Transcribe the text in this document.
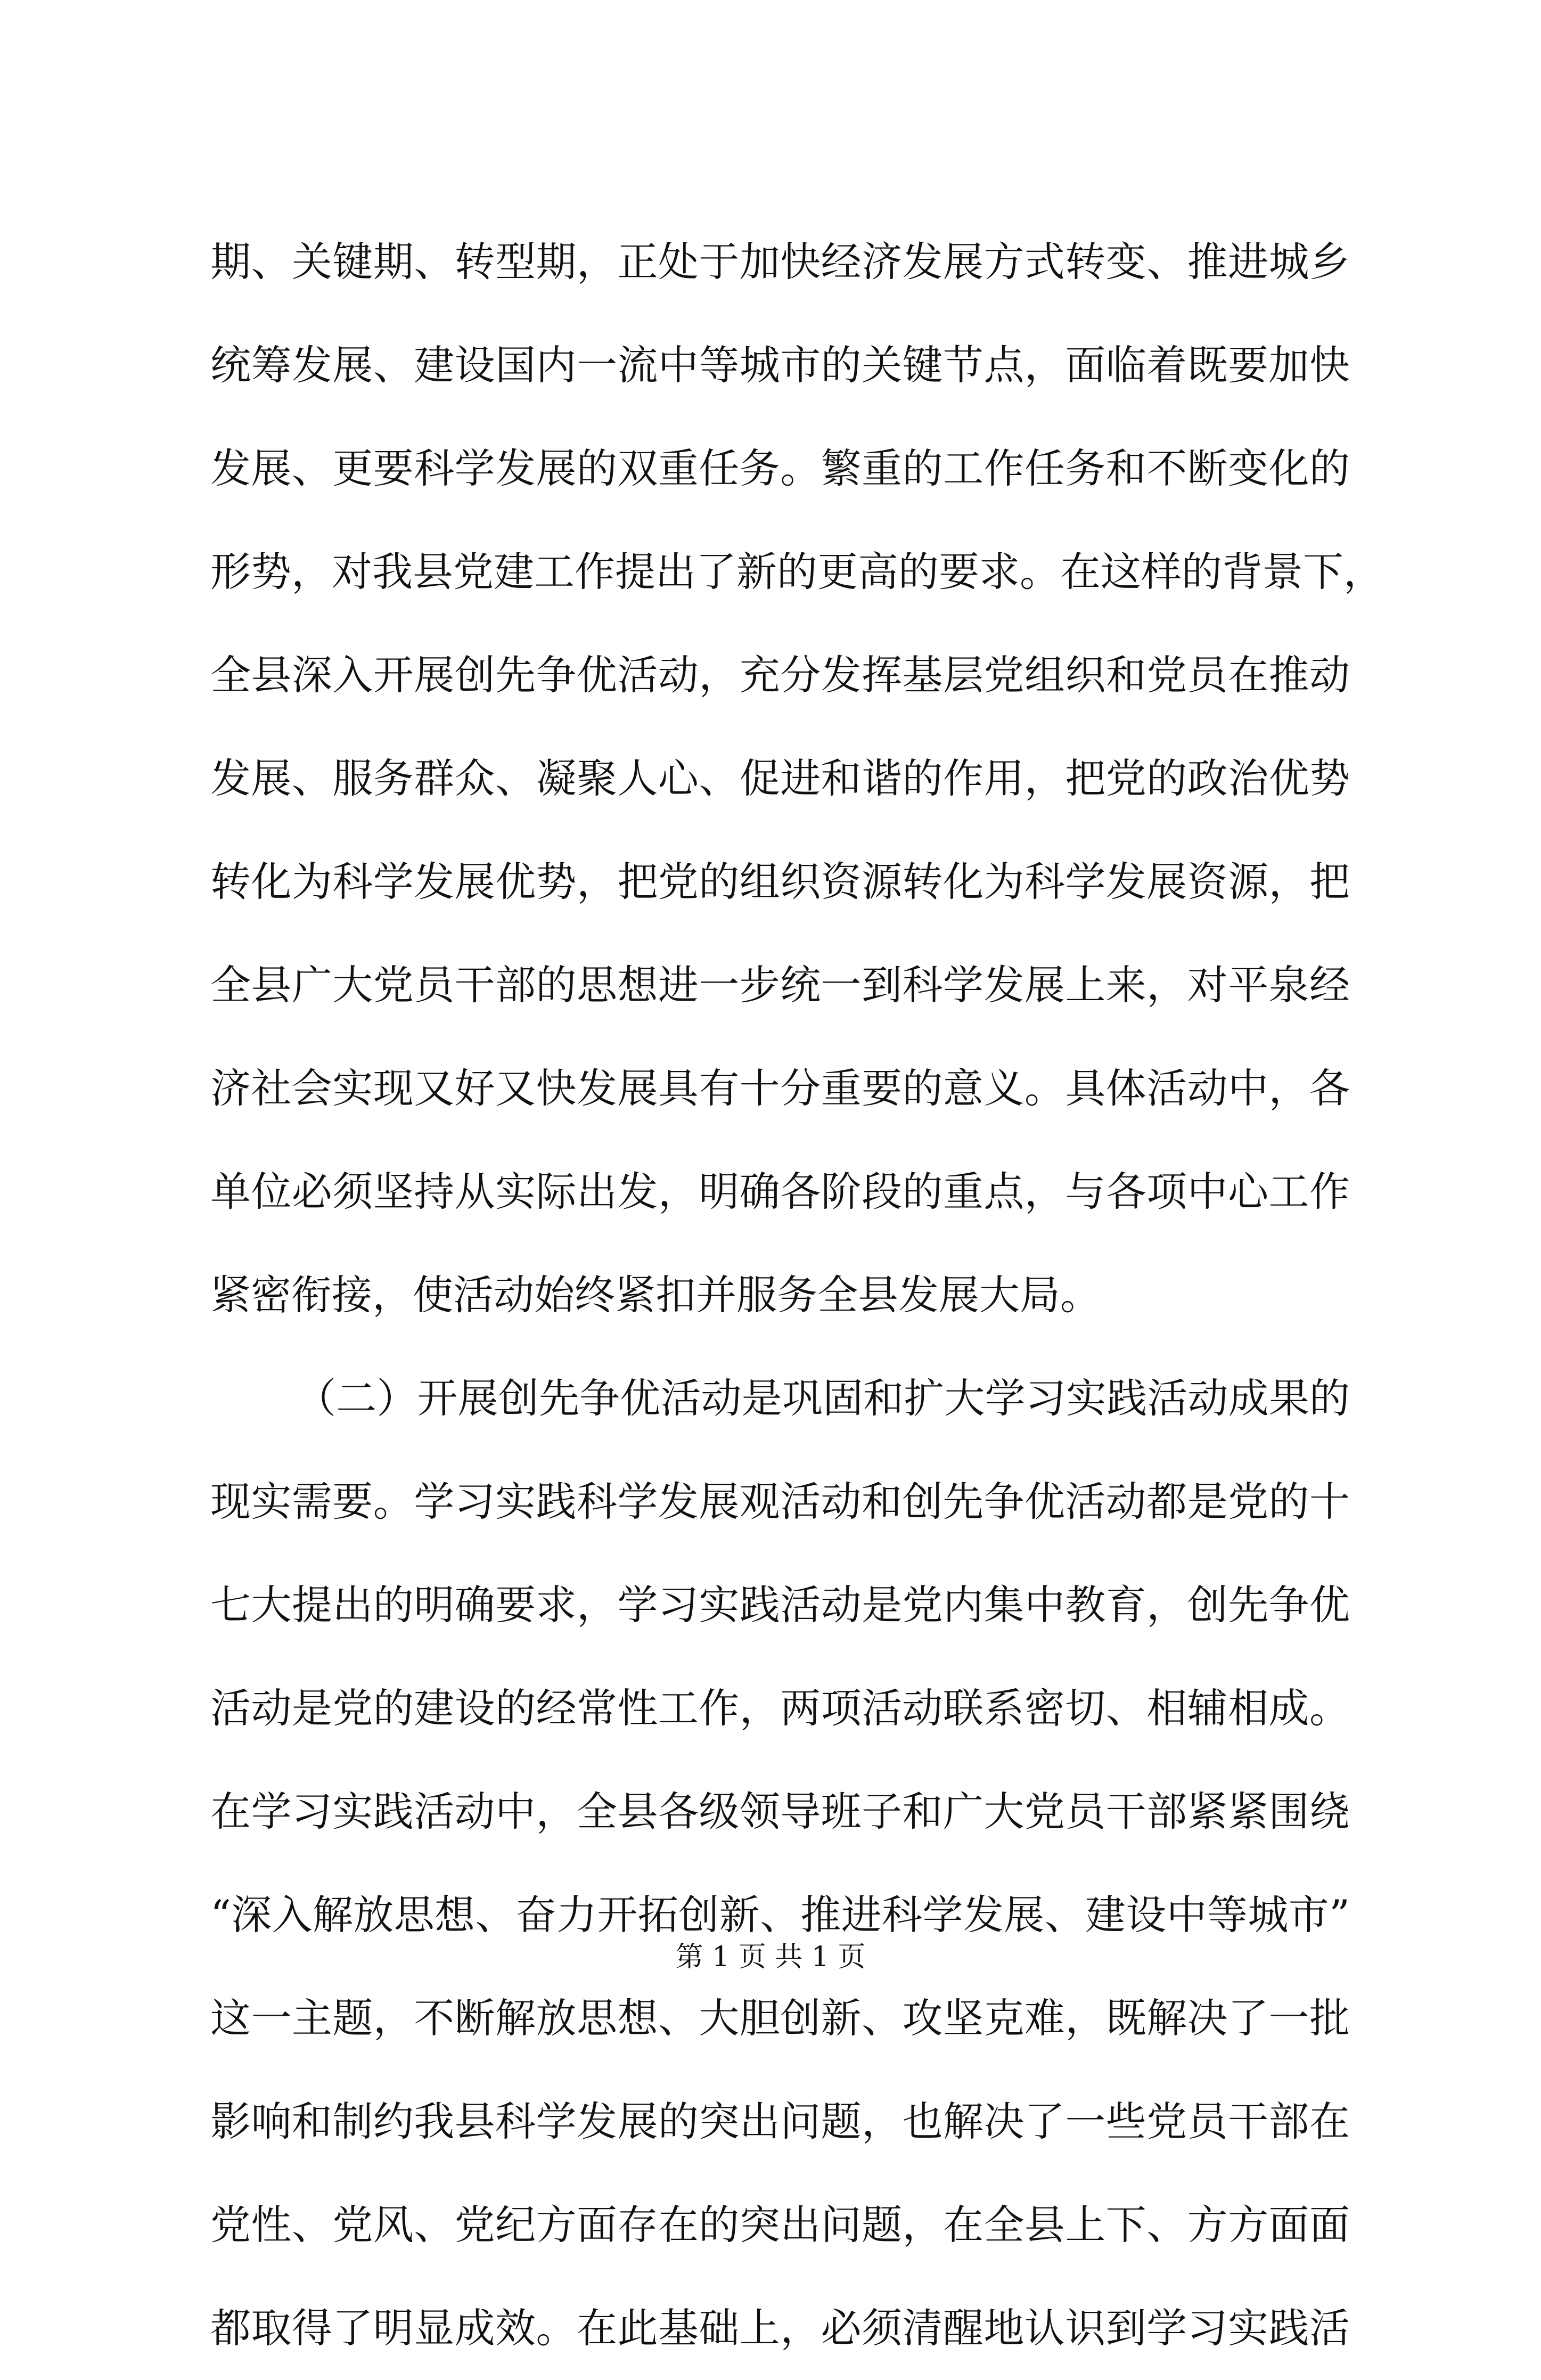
期、关键期、转型期，正处于加快经济发展方式转变、推进城乡
统筹发展、建设国内一流中等城市的关键节点，面临着既要加快
发展、更要科学发展的双重任务。繁重的工作任务和不断变化的
形势，对我县党建工作提出了新的更高的要求。在这样的背景下，
全县深入开展创先争优活动，充分发挥基层党组织和党员在推动
发展、服务群众、凝聚人心、促进和谐的作用，把党的政治优势
转化为科学发展优势，把党的组织资源转化为科学发展资源，把
全县广大党员干部的思想进一步统一到科学发展上来，对平泉经
济社会实现又好又快发展具有十分重要的意义。具体活动中，各
单位必须坚持从实际出发，明确各阶段的重点，与各项中心工作
紧密衔接，使活动始终紧扣并服务全县发展大局。
（二）开展创先争优活动是巩固和扩大学习实践活动成果的
现实需要。学习实践科学发展观活动和创先争优活动都是党的十
七大提出的明确要求，学习实践活动是党内集中教育，创先争优
活动是党的建设的经常性工作，两项活动联系密切、相辅相成。
在学习实践活动中，全县各级领导班子和广大党员干部紧紧围绕
“深入解放思想、奋力开拓创新、推进科学发展、建设中等城市”
这一主题，不断解放思想、大胆创新、攻坚克难，既解决了一批
影响和制约我县科学发展的突出问题，也解决了一些党员干部在
党性、党风、党纪方面存在的突出问题，在全县上下、方方面面
都取得了明显成效。在此基础上，必须清醒地认识到学习实践活
第 1 页 共 1 页
